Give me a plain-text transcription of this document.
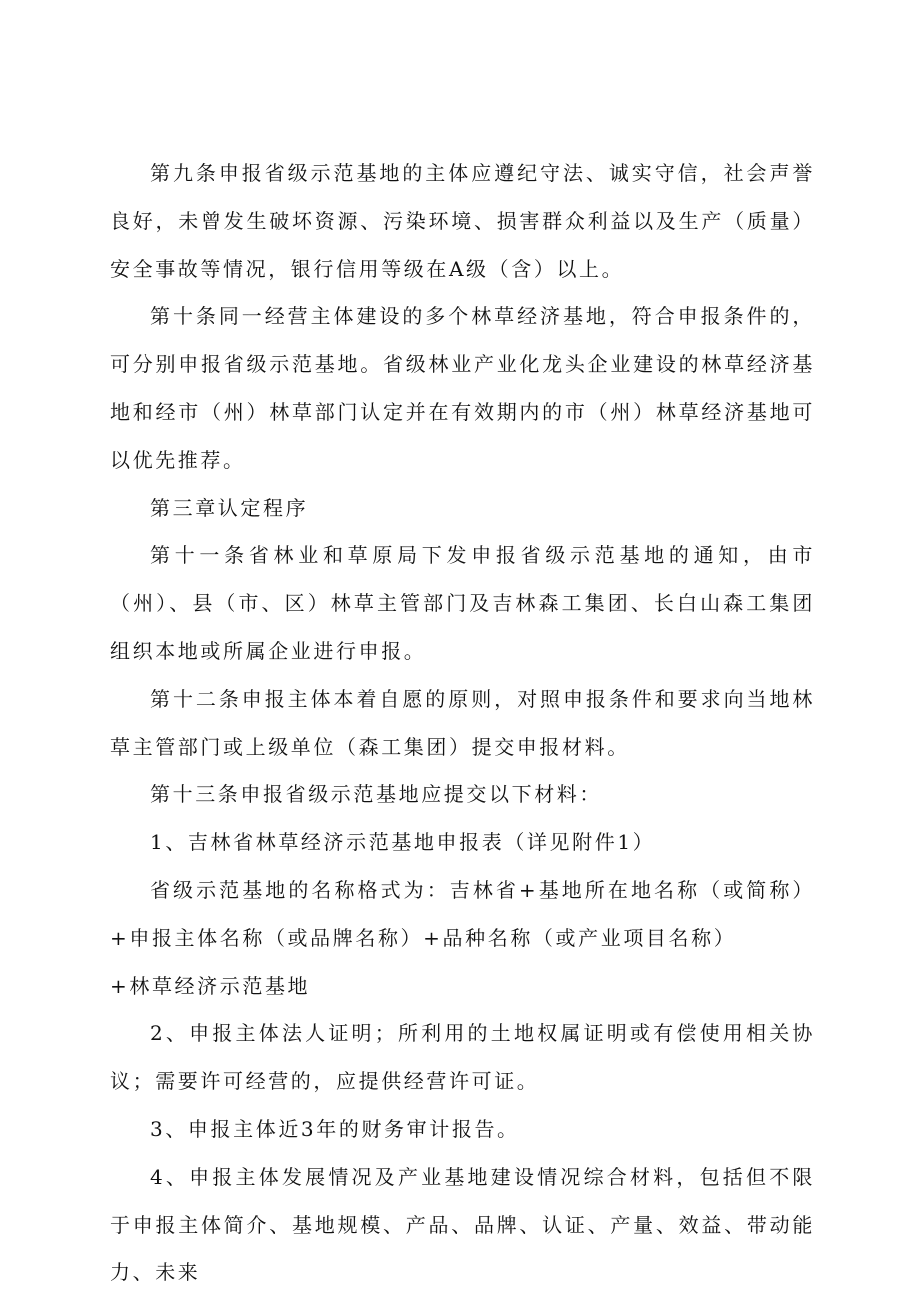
第九条申报省级示范基地的主体应遵纪守法、诚实守信，社会声誉良好，未曾发生破坏资源、污染环境、损害群众利益以及生产（质量）安全事故等情况，银行信用等级在A级（含）以上。

第十条同一经营主体建设的多个林草经济基地，符合申报条件的，可分别申报省级示范基地。省级林业产业化龙头企业建设的林草经济基地和经市（州）林草部门认定并在有效期内的市（州）林草经济基地可以优先推荐。

第三章认定程序

第十一条省林业和草原局下发申报省级示范基地的通知，由市（州）、县（市、区）林草主管部门及吉林森工集团、长白山森工集团组织本地或所属企业进行申报。

第十二条申报主体本着自愿的原则，对照申报条件和要求向当地林草主管部门或上级单位（森工集团）提交申报材料。

第十三条申报省级示范基地应提交以下材料：

1、吉林省林草经济示范基地申报表（详见附件1）

省级示范基地的名称格式为：吉林省+基地所在地名称（或简称）+申报主体名称（或品牌名称）+品种名称（或产业项目名称）

+林草经济示范基地

2、申报主体法人证明；所利用的土地权属证明或有偿使用相关协议；需要许可经营的，应提供经营许可证。

3、申报主体近3年的财务审计报告。

4、申报主体发展情况及产业基地建设情况综合材料，包括但不限于申报主体简介、基地规模、产品、品牌、认证、产量、效益、带动能力、未来
